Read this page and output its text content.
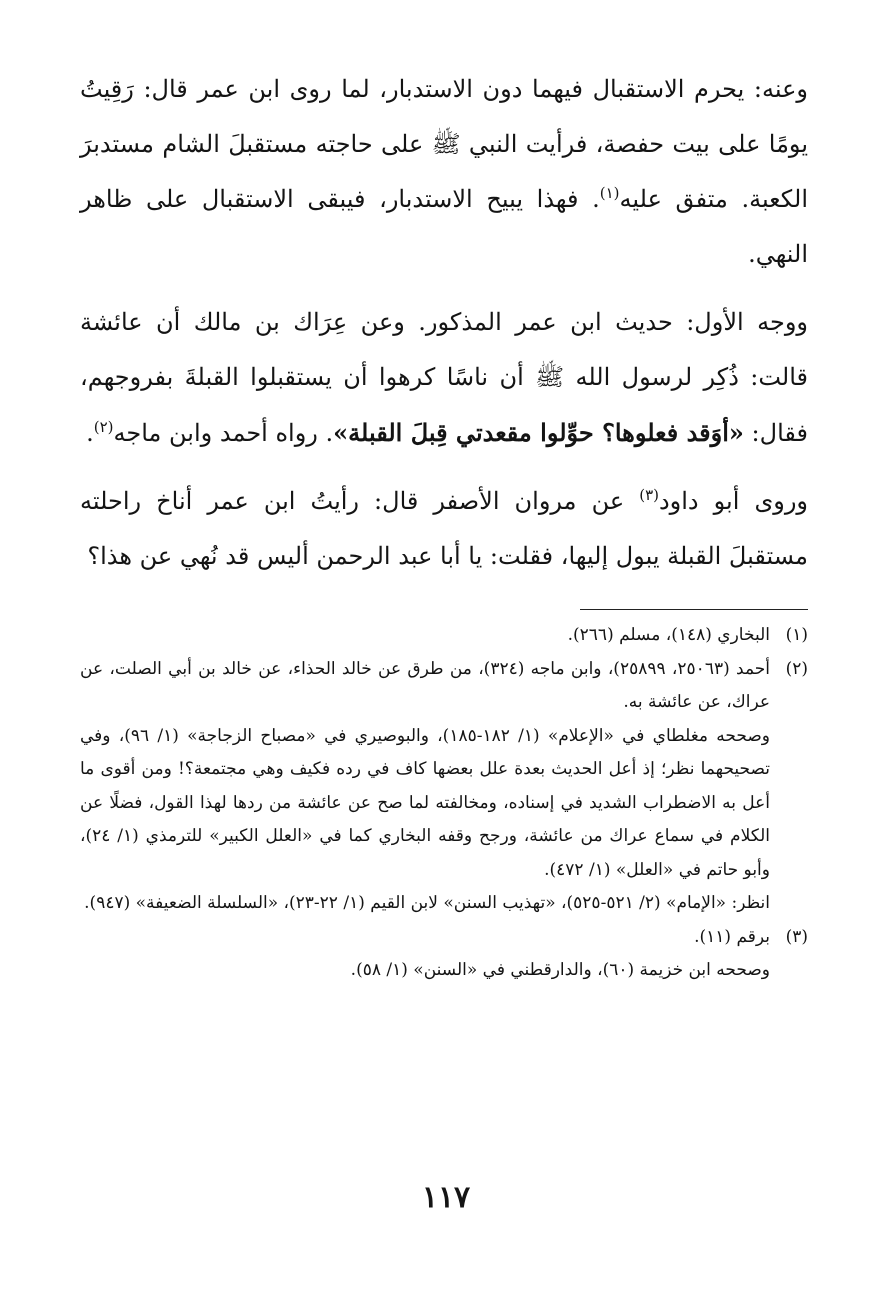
وعنه: يحرم الاستقبال فيهما دون الاستدبار، لما روى ابن عمر قال: رَقِيتُ يومًا على بيت حفصة، فرأيت النبي ﷺ على حاجته مستقبلَ الشام مستدبرَ الكعبة. متفق عليه$^{(١)}$. فهذا يبيح الاستدبار، فيبقى الاستقبال على ظاهر النهي.

ووجه الأول: حديث ابن عمر المذكور. وعن عِرَاك بن مالك أن عائشة قالت: ذُكِر لرسول الله ﷺ أن ناسًا كرهوا أن يستقبلوا القبلةَ بفروجهم، فقال: «أوَقد فعلوها؟ حوِّلوا مقعدتي قِبلَ القبلة». رواه أحمد وابن ماجه$^{(٢)}$.

وروى أبو داود$^{(٣)}$ عن مروان الأصفر قال: رأيتُ ابن عمر أناخ راحلته مستقبلَ القبلة يبول إليها، فقلت: يا أبا عبد الرحمن أليس قد نُهي عن هذا؟

(١)
البخاري (١٤٨)، مسلم (٢٦٦).
(٢)
أحمد (٢٥٠٦٣، ٢٥٨٩٩)، وابن ماجه (٣٢٤)، من طرق عن خالد الحذاء، عن خالد بن أبي الصلت، عن عراك، عن عائشة به.
وصححه مغلطاي في «الإعلام» (١/ ١٨٢-١٨٥)، والبوصيري في «مصباح الزجاجة» (١/ ٩٦)، وفي تصحيحهما نظر؛ إذ أعل الحديث بعدة علل بعضها كاف في رده فكيف وهي مجتمعة؟! ومن أقوى ما أعل به الاضطراب الشديد في إسناده، ومخالفته لما صح عن عائشة من ردها لهذا القول، فضلًا عن الكلام في سماع عراك من عائشة، ورجح وقفه البخاري كما في «العلل الكبير» للترمذي (١/ ٢٤)، وأبو حاتم في «العلل» (١/ ٤٧٢).
انظر: «الإمام» (٢/ ٥٢١-٥٢٥)، «تهذيب السنن» لابن القيم (١/ ٢٢-٢٣)، «السلسلة الضعيفة» (٩٤٧).
(٣)
برقم (١١).
وصححه ابن خزيمة (٦٠)، والدارقطني في «السنن» (١/ ٥٨).
١١٧
